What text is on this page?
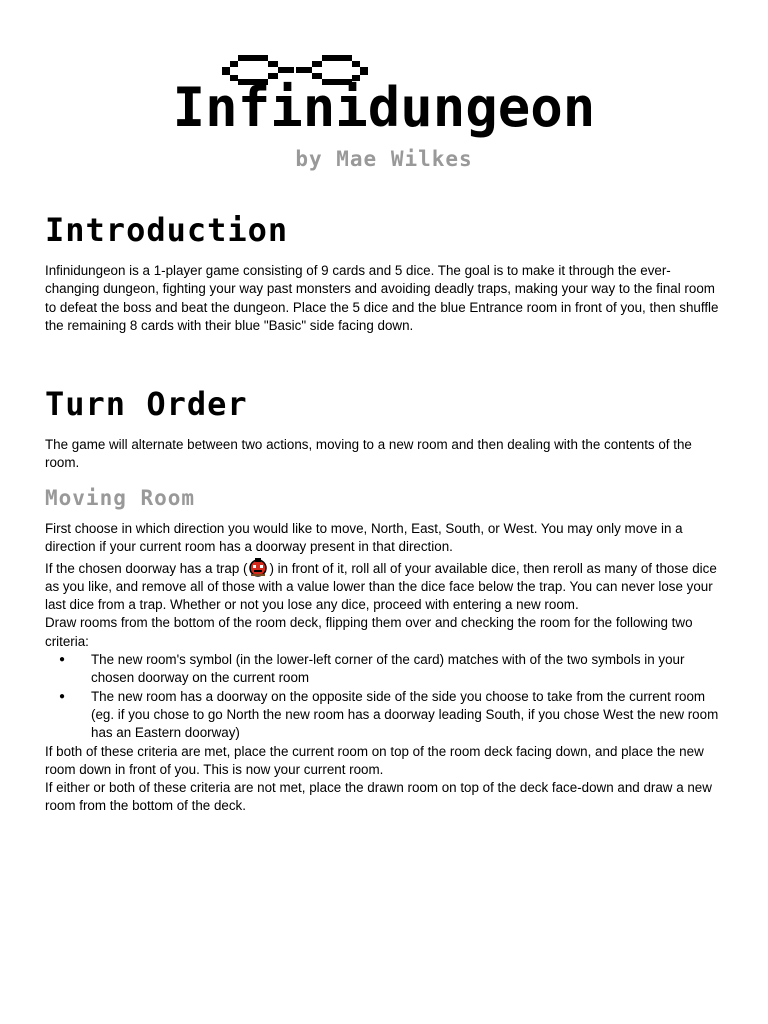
Infinidungeon
by Mae Wilkes
Introduction

Infinidungeon is a 1-player game consisting of 9 cards and 5 dice. The goal is to make it through the ever-changing dungeon, fighting your way past monsters and avoiding deadly traps, making your way to the final room to defeat the boss and beat the dungeon. Place the 5 dice and the blue Entrance room in front of you, then shuffle the remaining 8 cards with their blue "Basic" side facing down.

Turn Order

The game will alternate between two actions, moving to a new room and then dealing with the contents of the room.

Moving Room

First choose in which direction you would like to move, North, East, South, or West. You may only move in a direction if your current room has a doorway present in that direction.

If the chosen doorway has a trap ( ) in front of it, roll all of your available dice, then reroll as many of those dice as you like, and remove all of those with a value lower than the dice face below the trap. You can never lose your last dice from a trap. Whether or not you lose any dice, proceed with entering a new room.

Draw rooms from the bottom of the room deck, flipping them over and checking the room for the following two criteria:

● The new room's symbol (in the lower-left corner of the card) matches with of the two symbols in your chosen doorway on the current room
● The new room has a doorway on the opposite side of the side you choose to take from the current room (eg. if you chose to go North the new room has a doorway leading South, if you chose West the new room has an Eastern doorway)

If both of these criteria are met, place the current room on top of the room deck facing down, and place the new room down in front of you. This is now your current room.

If either or both of these criteria are not met, place the drawn room on top of the deck face-down and draw a new room from the bottom of the deck.
